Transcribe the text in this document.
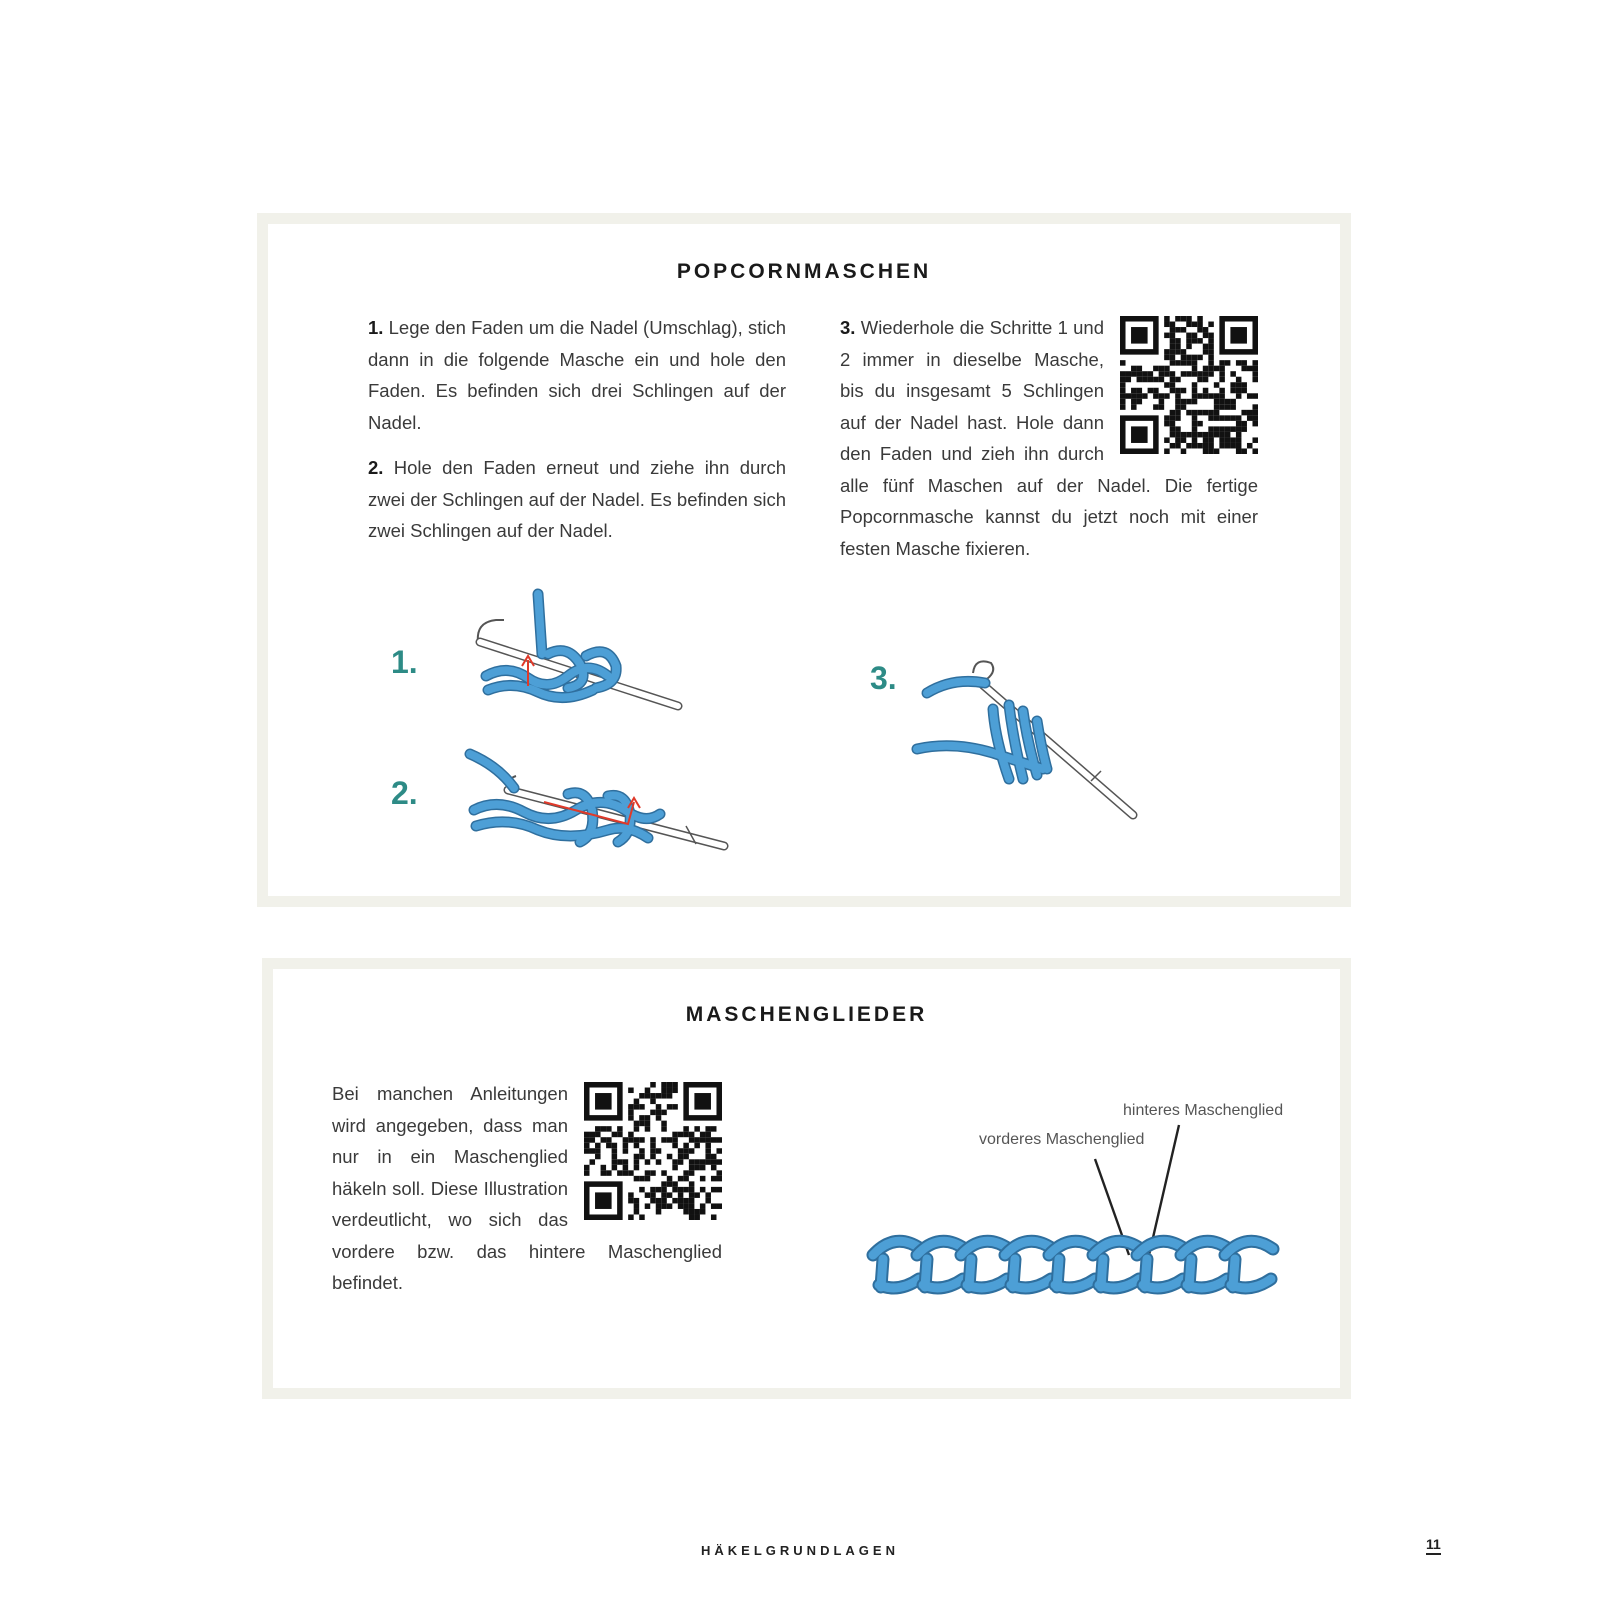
POPCORNMASCHEN

1. Lege den Faden um die Nadel (Umschlag), stich dann in die folgende Masche ein und hole den Faden. Es befinden sich drei Schlingen auf der Nadel.

2. Hole den Faden erneut und ziehe ihn durch zwei der Schlingen auf der Nadel. Es befinden sich zwei Schlingen auf der Nadel.

3. Wiederhole die Schritte 1 und 2 immer in dieselbe Masche, bis du insgesamt 5 Schlingen auf der Nadel hast. Hole dann den Faden und zieh ihn durch alle fünf Maschen auf der Nadel. Die fertige Popcornmasche kannst du jetzt noch mit einer festen Masche fixieren.
1.
2.
3.
MASCHENGLIEDER
Bei manchen Anleitungen wird angegeben, dass man nur in ein Maschenglied häkeln soll. Diese Illustration verdeutlicht, wo sich das vordere bzw. das hintere Maschenglied befindet.
hinteres Maschenglied
vorderes Maschenglied

HÄKELGRUNDLAGEN	11
